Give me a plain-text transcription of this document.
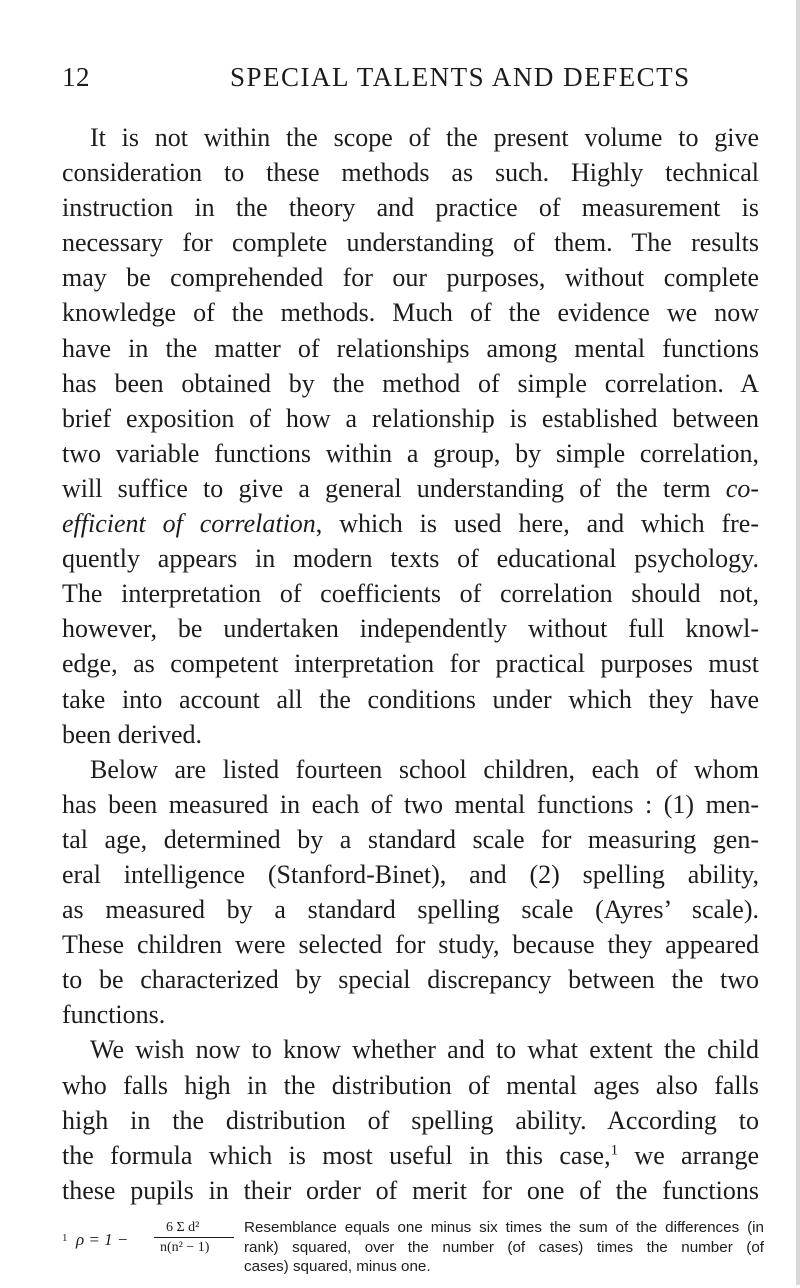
12	SPECIAL TALENTS AND DEFECTS
It is not within the scope of the present volume to give
consideration to these methods as such. Highly technical
instruction in the theory and practice of measurement is
necessary for complete understanding of them. The results
may be comprehended for our purposes, without complete
knowledge of the methods. Much of the evidence we now
have in the matter of relationships among mental functions
has been obtained by the method of simple correlation. A
brief exposition of how a relationship is established between
two variable functions within a group, by simple correlation,
will suffice to give a general understanding of the term co-
efficient of correlation, which is used here, and which fre-
quently appears in modern texts of educational psychology.
The interpretation of coefficients of correlation should not,
however, be undertaken independently without full knowl-
edge, as competent interpretation for practical purposes must
take into account all the conditions under which they have
been derived.
Below are listed fourteen school children, each of whom
has been measured in each of two mental functions : (1) men-
tal age, determined by a standard scale for measuring gen-
eral intelligence (Stanford-Binet), and (2) spelling ability,
as measured by a standard spelling scale (Ayres’ scale).
These children were selected for study, because they appeared
to be characterized by special discrepancy between the two
functions.
We wish now to know whether and to what extent the child
who falls high in the distribution of mental ages also falls
high in the distribution of spelling ability. According to
the formula which is most useful in this case,$^1$ we arrange
these pupils in their order of merit for one of the functions
1 ρ = 1 −
6 Σ d²
n(n² − 1)
Resemblance equals one minus six times the sum of the differences (in
rank) squared, over the number (of cases) times the number (of
cases) squared, minus one.
